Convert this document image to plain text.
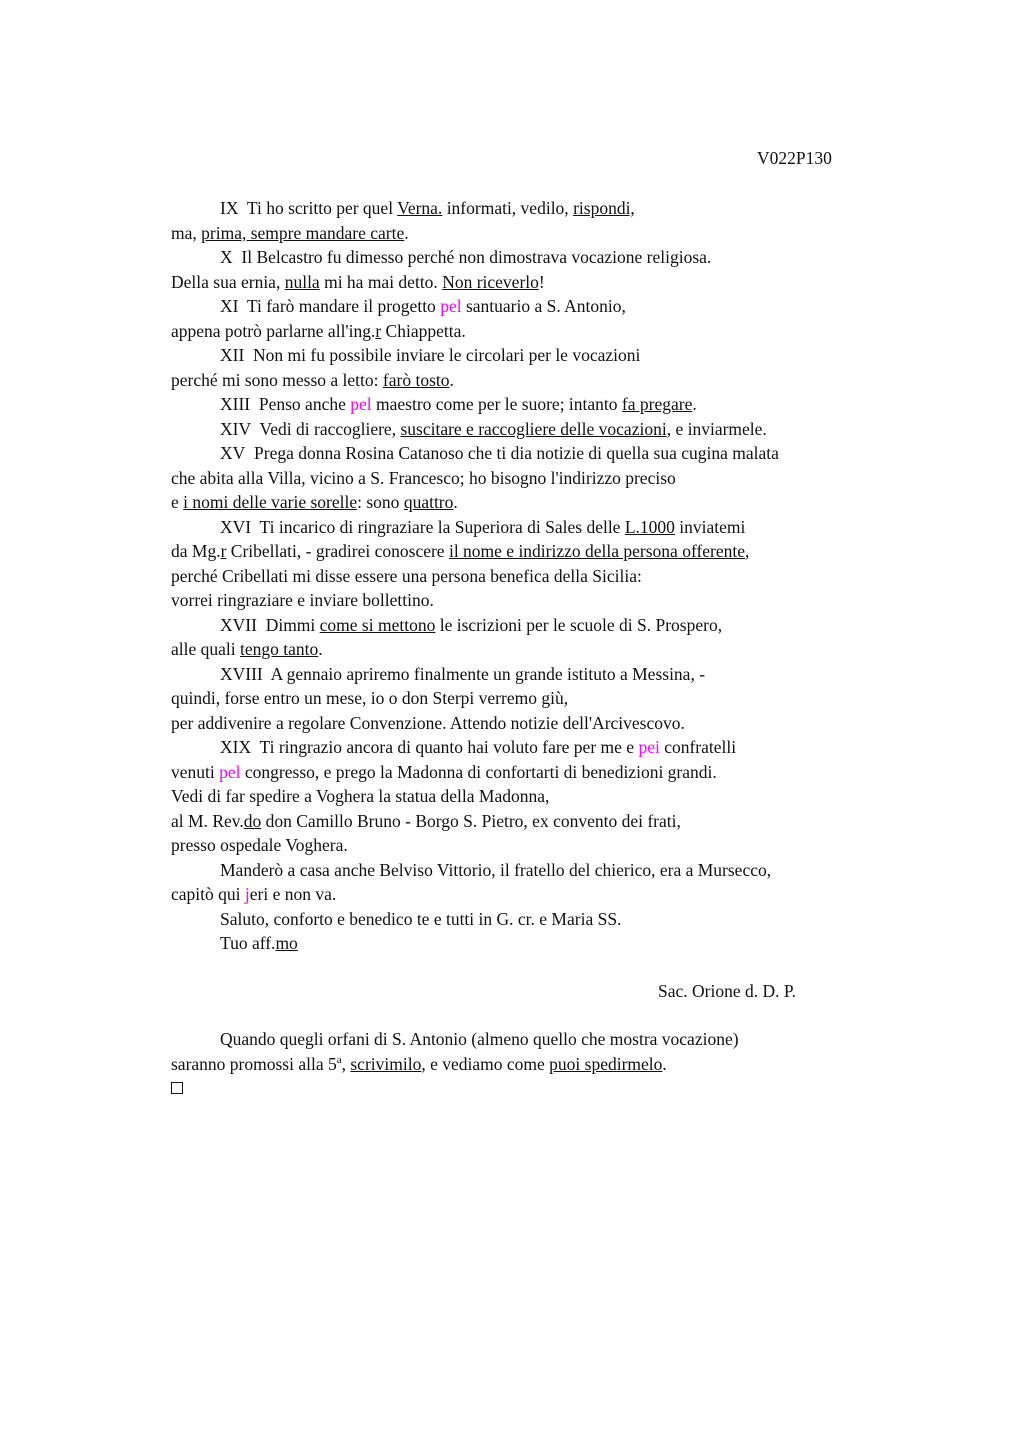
V022P130
IX Ti ho scritto per quel Verna. informati, vedilo, rispondi,
ma, prima, sempre mandare carte.
X Il Belcastro fu dimesso perché non dimostrava vocazione religiosa.
Della sua ernia, nulla mi ha mai detto. Non riceverlo!
XI Ti farò mandare il progetto pel santuario a S. Antonio,
appena potrò parlarne all'ing.r Chiappetta.
XII Non mi fu possibile inviare le circolari per le vocazioni
perché mi sono messo a letto: farò tosto.
XIII Penso anche pel maestro come per le suore; intanto fa pregare.
XIV Vedi di raccogliere, suscitare e raccogliere delle vocazioni, e inviarmele.
XV Prega donna Rosina Catanoso che ti dia notizie di quella sua cugina malata
che abita alla Villa, vicino a S. Francesco; ho bisogno l'indirizzo preciso
e i nomi delle varie sorelle: sono quattro.
XVI Ti incarico di ringraziare la Superiora di Sales delle L.1000 inviatemi
da Mg.r Cribellati, - gradirei conoscere il nome e indirizzo della persona offerente,
perché Cribellati mi disse essere una persona benefica della Sicilia:
vorrei ringraziare e inviare bollettino.
XVII Dimmi come si mettono le iscrizioni per le scuole di S. Prospero,
alle quali tengo tanto.
XVIII A gennaio apriremo finalmente un grande istituto a Messina, -
quindi, forse entro un mese, io o don Sterpi verremo giù,
per addivenire a regolare Convenzione. Attendo notizie dell'Arcivescovo.
XIX Ti ringrazio ancora di quanto hai voluto fare per me e pei confratelli
venuti pel congresso, e prego la Madonna di confortarti di benedizioni grandi.
Vedi di far spedire a Voghera la statua della Madonna,
al M. Rev.do don Camillo Bruno - Borgo S. Pietro, ex convento dei frati,
presso ospedale Voghera.
Manderò a casa anche Belviso Vittorio, il fratello del chierico, era a Mursecco,
capitò qui jeri e non va.
Saluto, conforto e benedico te e tutti in G. cr. e Maria SS.
Tuo aff.mo
Sac. Orione d. D. P.
Quando quegli orfani di S. Antonio (almeno quello che mostra vocazione)
saranno promossi alla 5$^a$, scrivimilo, e vediamo come puoi spedirmelo.
